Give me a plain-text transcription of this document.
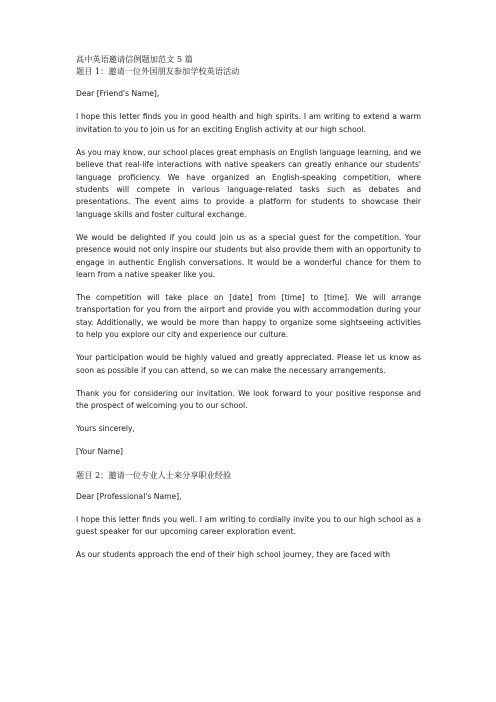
高中英语邀请信例题加范文 5 篇
题目 1：邀请一位外国朋友参加学校英语活动
Dear [Friend's Name],
I hope this letter finds you in good health and high spirits. I am writing to extend a warm invitation to you to join us for an exciting English activity at our high school.
As you may know, our school places great emphasis on English language learning, and we believe that real-life interactions with native speakers can greatly enhance our students' language proficiency. We have organized an English-speaking competition, where students will compete in various language-related tasks such as debates and presentations. The event aims to provide a platform for students to showcase their language skills and foster cultural exchange.
We would be delighted if you could join us as a special guest for the competition. Your presence would not only inspire our students but also provide them with an opportunity to engage in authentic English conversations. It would be a wonderful chance for them to learn from a native speaker like you.
The competition will take place on [date] from [time] to [time]. We will arrange transportation for you from the airport and provide you with accommodation during your stay. Additionally, we would be more than happy to organize some sightseeing activities to help you explore our city and experience our culture.
Your participation would be highly valued and greatly appreciated. Please let us know as soon as possible if you can attend, so we can make the necessary arrangements.
Thank you for considering our invitation. We look forward to your positive response and the prospect of welcoming you to our school.
Yours sincerely,
[Your Name]
题目 2：邀请一位专业人士来分享职业经验
Dear [Professional's Name],
I hope this letter finds you well. I am writing to cordially invite you to our high school as a guest speaker for our upcoming career exploration event.
As our students approach the end of their high school journey, they are faced with
